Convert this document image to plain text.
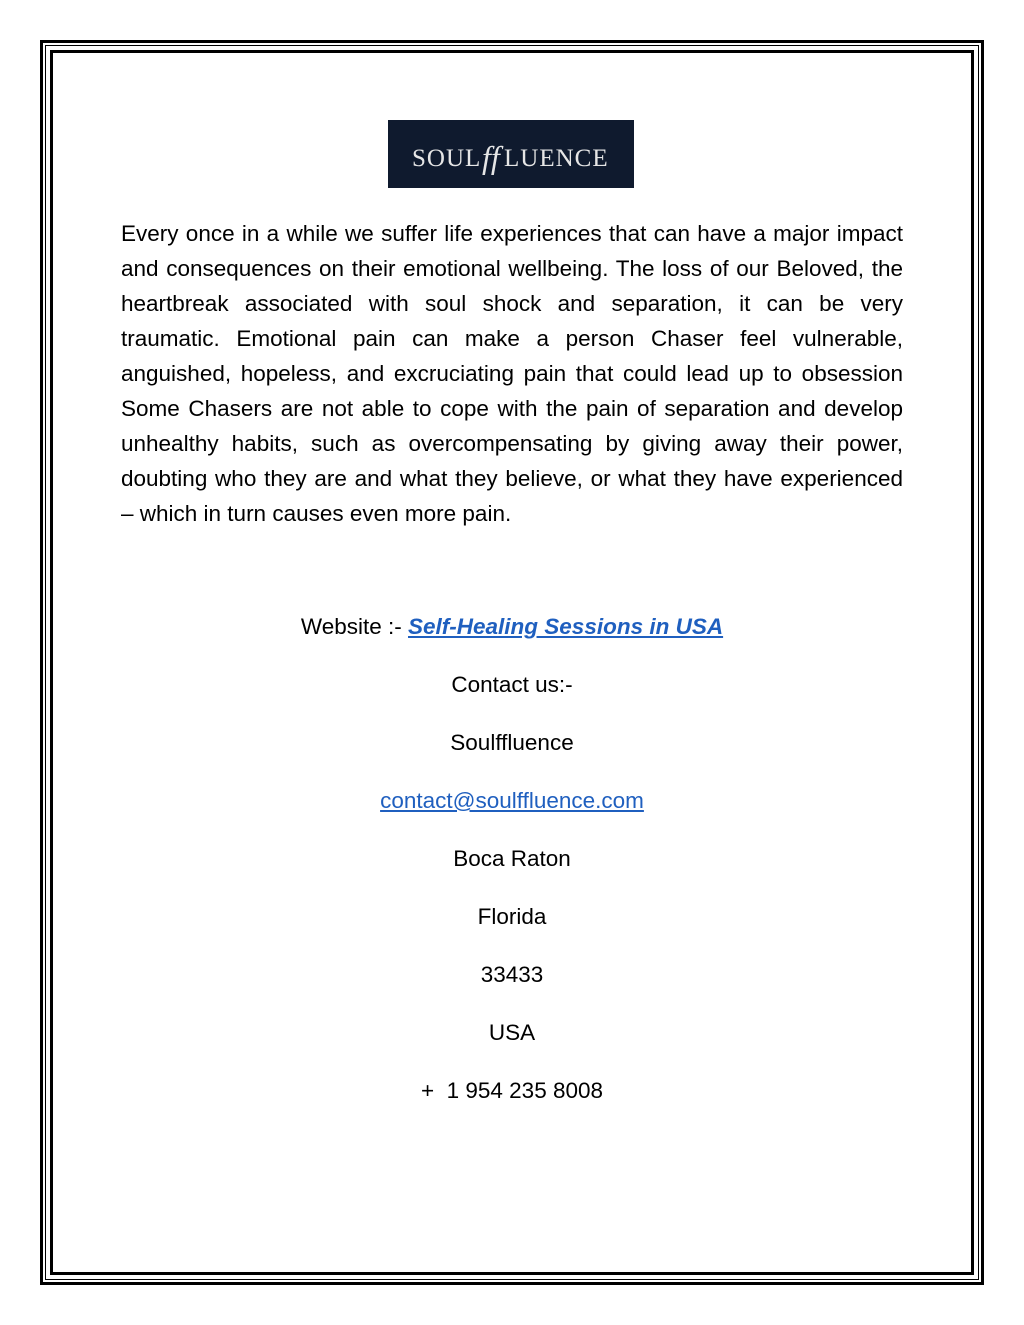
SOUL ff LUENCE

Every once in a while we suffer life experiences that can have a major impact and consequences on their emotional wellbeing. The loss of our Beloved, the heartbreak associated with soul shock and separation, it can be very traumatic. Emotional pain can make a person Chaser feel vulnerable, anguished, hopeless, and excruciating pain that could lead up to obsession Some Chasers are not able to cope with the pain of separation and develop unhealthy habits, such as overcompensating by giving away their power, doubting who they are and what they believe, or what they have experienced – which in turn causes even more pain.

Website :- Self-Healing Sessions in USA

Contact us:-

Soulffluence

contact@soulffluence.com

Boca Raton

Florida

33433

USA

+  1 954 235 8008
